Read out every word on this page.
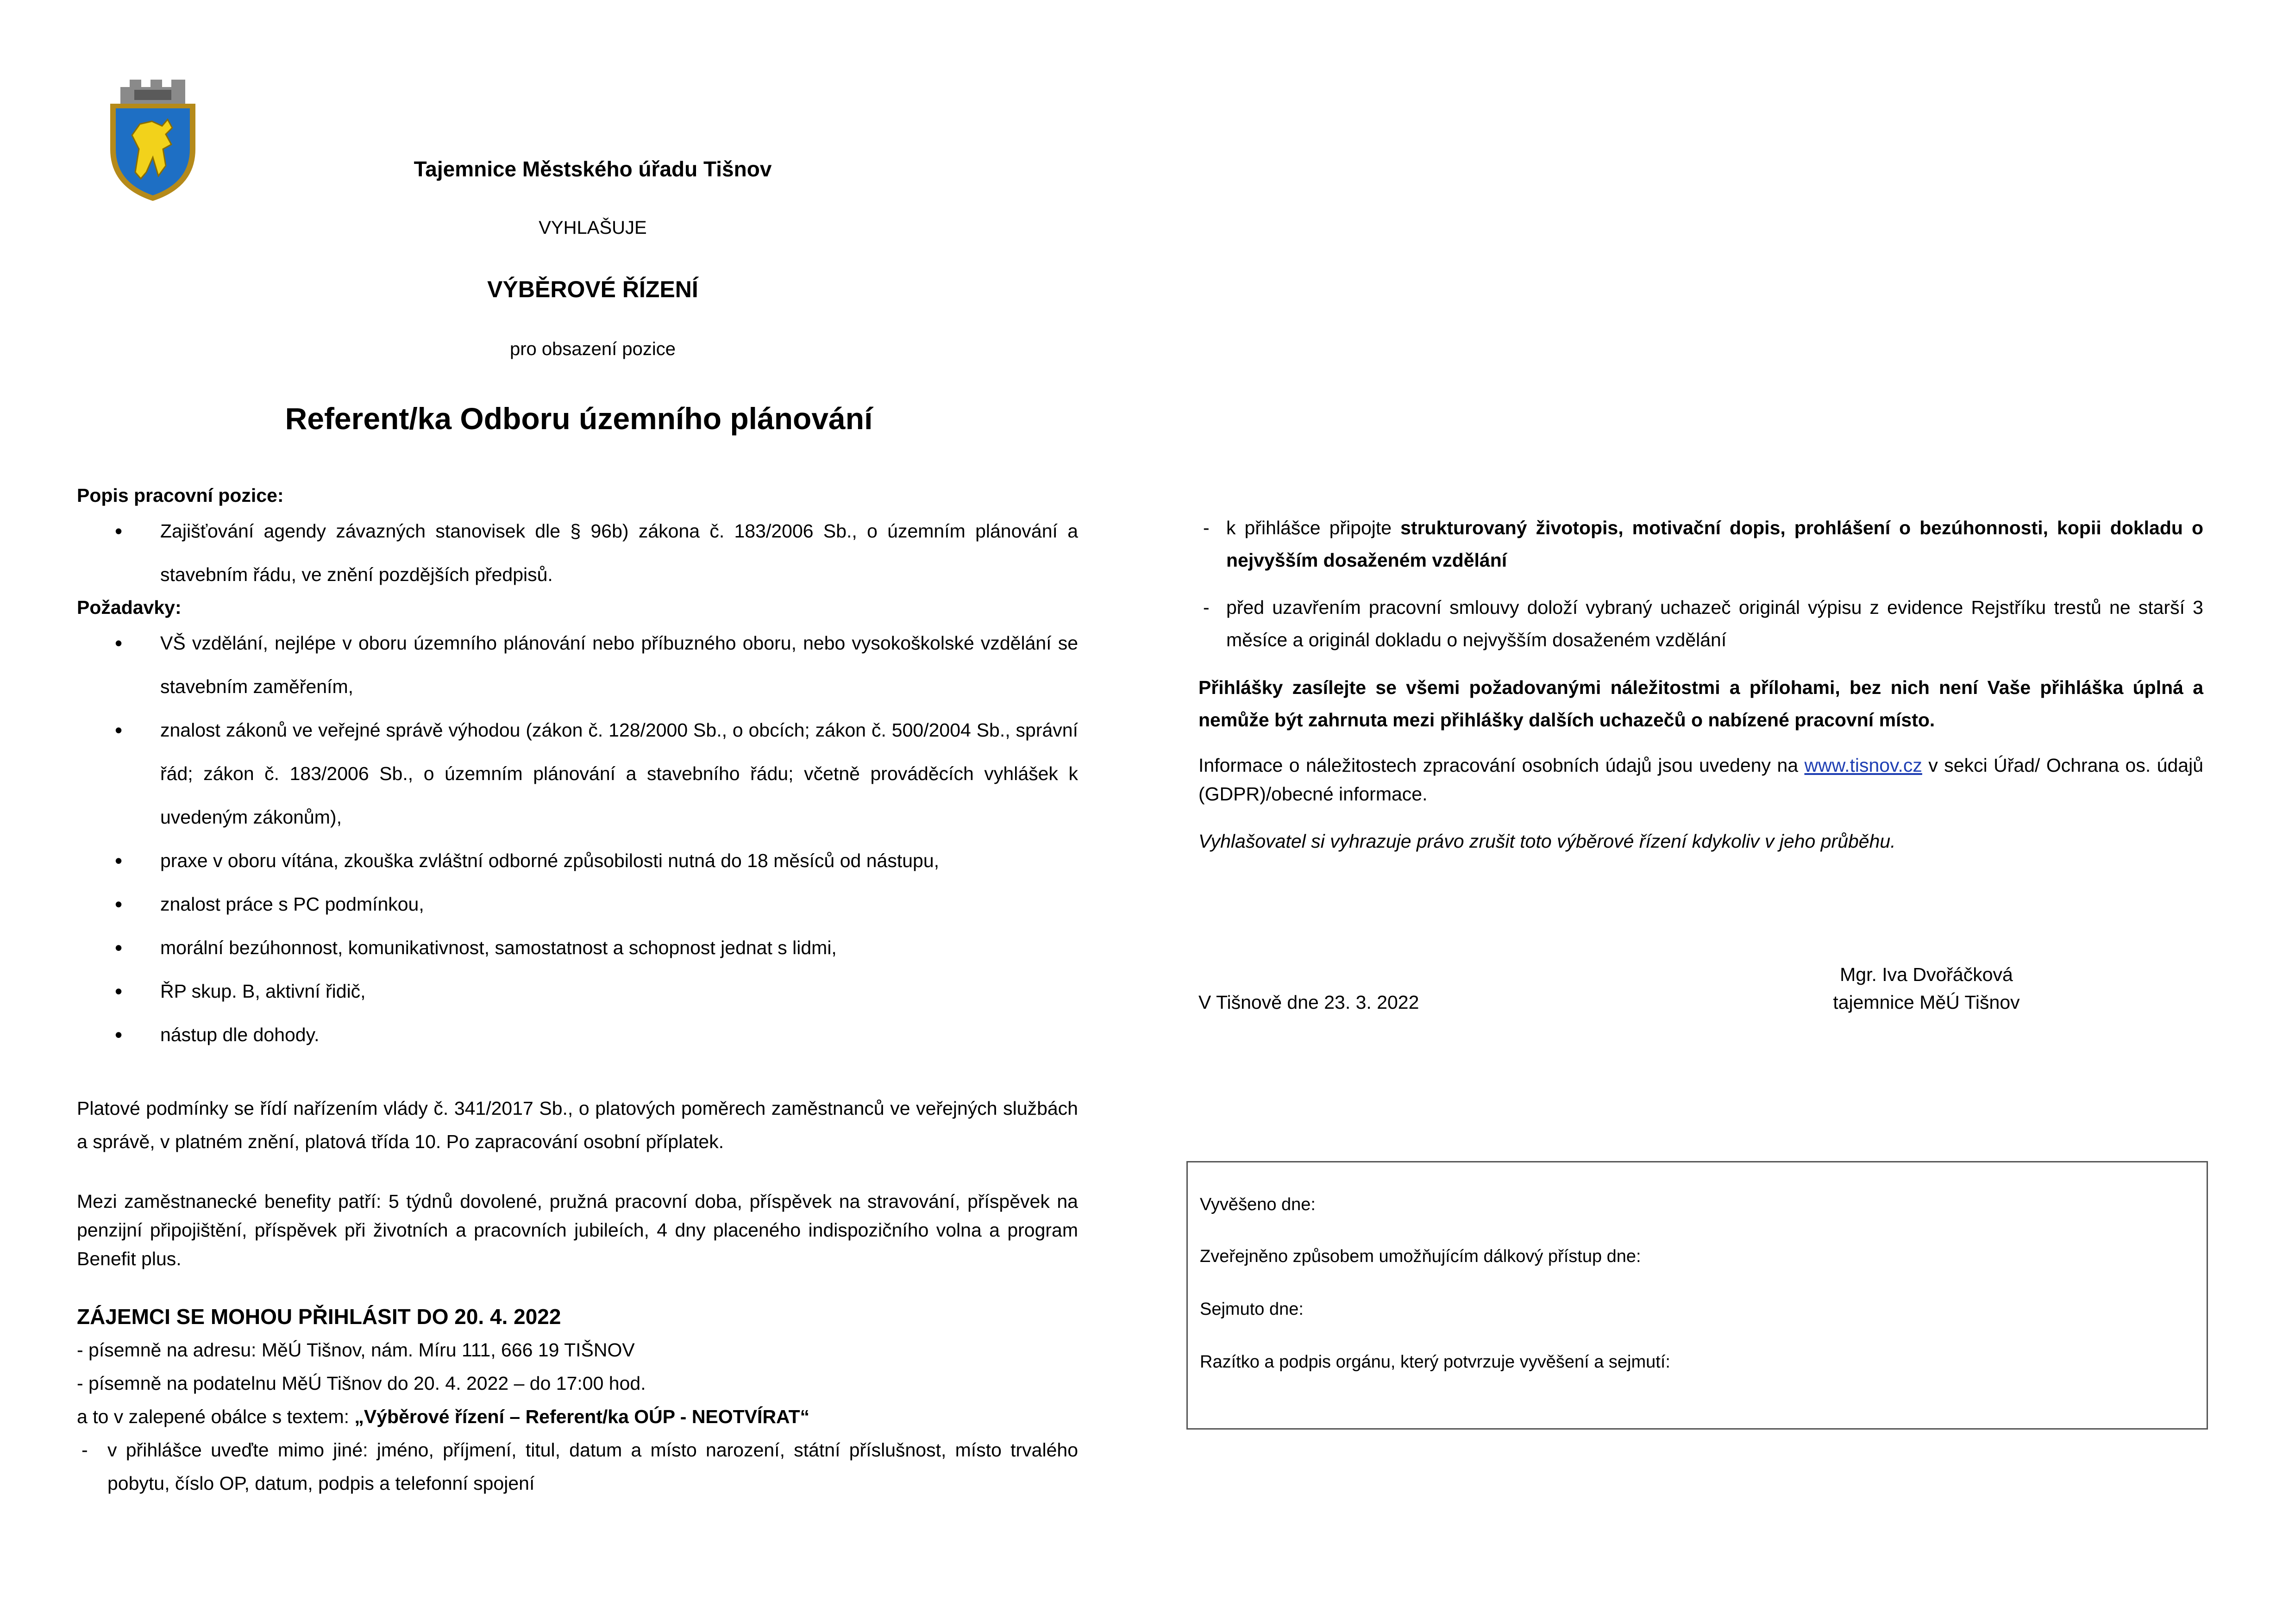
Tajemnice Městského úřadu Tišnov
VYHLAŠUJE
VÝBĚROVÉ ŘÍZENÍ
pro obsazení pozice
Referent/ka Odboru územního plánování

Popis pracovní pozice:

• Zajišťování agendy závazných stanovisek dle § 96b) zákona č. 183/2006 Sb., o územním plánování a stavebním řádu, ve znění pozdějších předpisů.

Požadavky:

• VŠ vzdělání, nejlépe v oboru územního plánování nebo příbuzného oboru, nebo vysokoškolské vzdělání se stavebním zaměřením,
• znalost zákonů ve veřejné správě výhodou (zákon č. 128/2000 Sb., o obcích; zákon č. 500/2004 Sb., správní řád; zákon č. 183/2006 Sb., o územním plánování a stavebního řádu; včetně prováděcích vyhlášek k uvedeným zákonům),
• praxe v oboru vítána, zkouška zvláštní odborné způsobilosti nutná do 18 měsíců od nástupu,
• znalost práce s PC podmínkou,
• morální bezúhonnost, komunikativnost, samostatnost a schopnost jednat s lidmi,
• ŘP skup. B, aktivní řidič,
• nástup dle dohody.
Platové podmínky se řídí nařízením vlády č. 341/2017 Sb., o platových poměrech zaměstnanců ve veřejných službách a správě, v platném znění, platová třída 10. Po zapracování osobní příplatek.
Mezi zaměstnanecké benefity patří: 5 týdnů dovolené, pružná pracovní doba, příspěvek na stravování, příspěvek na penzijní připojištění, příspěvek při životních a pracovních jubileích, 4 dny placeného indispozičního volna a program Benefit plus.
ZÁJEMCI SE MOHOU PŘIHLÁSIT DO 20. 4. 2022
- písemně na adresu: MěÚ Tišnov, nám. Míru 111, 666 19 TIŠNOV
- písemně na podatelnu MěÚ Tišnov do 20. 4. 2022 – do 17:00 hod.
a to v zalepené obálce s textem: „Výběrové řízení – Referent/ka OÚP - NEOTVÍRAT“
- v přihlášce uveďte mimo jiné: jméno, příjmení, titul, datum a místo narození, státní příslušnost, místo trvalého pobytu, číslo OP, datum, podpis a telefonní spojení
- k přihlášce připojte strukturovaný životopis, motivační dopis, prohlášení o bezúhonnosti, kopii dokladu o nejvyšším dosaženém vzdělání
- před uzavřením pracovní smlouvy doloží vybraný uchazeč originál výpisu z evidence Rejstříku trestů ne starší 3 měsíce a originál dokladu o nejvyšším dosaženém vzdělání
Přihlášky zasílejte se všemi požadovanými náležitostmi a přílohami, bez nich není Vaše přihláška úplná a nemůže být zahrnuta mezi přihlášky dalších uchazečů o nabízené pracovní místo.
Informace o náležitostech zpracování osobních údajů jsou uvedeny na www.tisnov.cz v sekci Úřad/ Ochrana os. údajů (GDPR)/obecné informace.
Vyhlašovatel si vyhrazuje právo zrušit toto výběrové řízení kdykoliv v jeho průběhu.
V Tišnově dne 23. 3. 2022
Mgr. Iva Dvořáčková
tajemnice MěÚ Tišnov
Vyvěšeno dne:
Zveřejněno způsobem umožňujícím dálkový přístup dne:
Sejmuto dne:
Razítko a podpis orgánu, který potvrzuje vyvěšení a sejmutí:
